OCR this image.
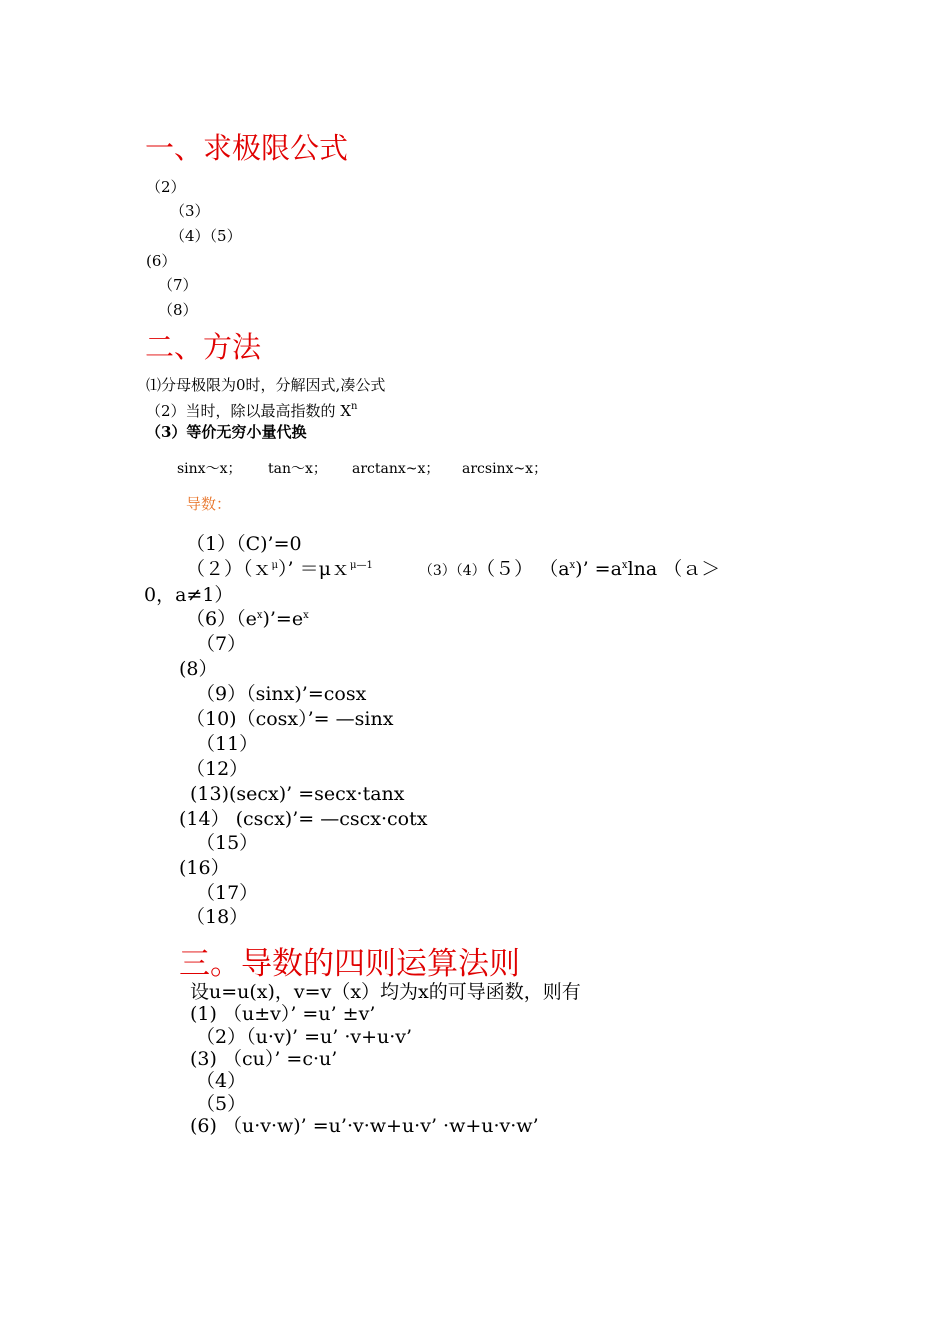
一、求极限公式
（2）
（3）
（4）（5）
(6）
（7）
（8）
二、方法
⑴分母极限为0时，分解因式,凑公式
（2）当时，除以最高指数的 $X^n$
（3）等价无穷小量代换
sinx～x； tan～x； arctanx~x； arcsinx~x；
导数：
（1）（C)’=0
（２）（ｘ$^\mu$）’ ＝μｘ$^{\mu—1}$	（3）（4）（５） $(a^x)$’ $=a^x\ln a$ （ａ＞
0，a≠1）
$(6)(e^x)’=e^x$
（7）
(8）
（9）（sinx)’=cosx
（10)（cosx）’= —sinx
（11）
（12）
(13)(secx)’ =secx·tanx
(14） (cscx)’= —cscx·cotx
（15）
(16）
（17）
（18）
三。导数的四则运算法则
设u=u(x)，v=v（x）均为x的可导函数，则有
(1) （u±v）’ =u’ ±v’
（2）（u·v)’ =u’ ·v+u·v’
(3) （cu）’ =c·u’
（4）
（5）
(6) （u·v·w)’ =u’·v·w+u·v’ ·w+u·v·w’
